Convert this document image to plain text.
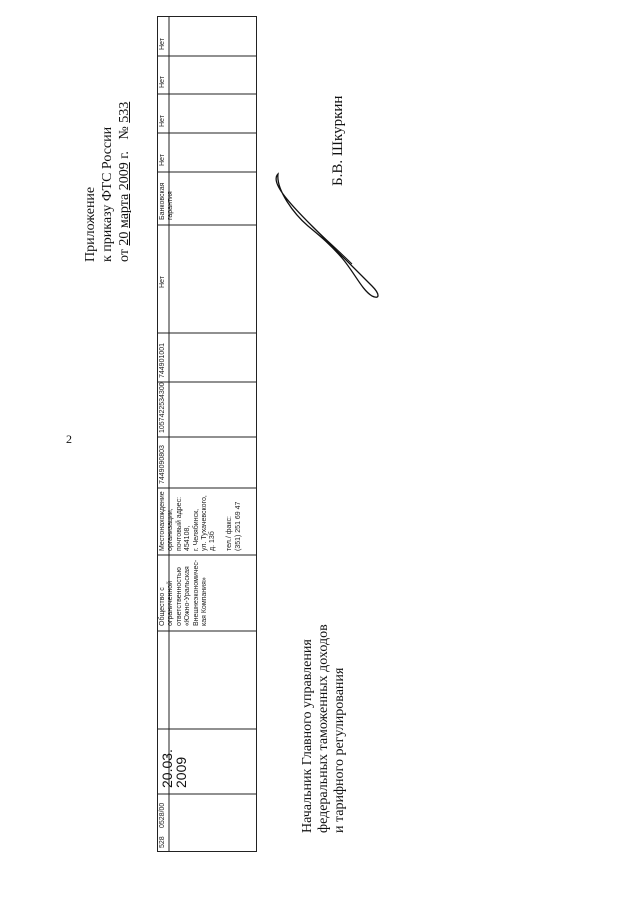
2
Приложение к приказу ФТС России от 20 марта 2009 г. № 533
528
0528/00
20.03.
2009
Общество с ограниченной ответственностью «Южно-Уральская Внешнеэкономичес- кая Компания»
Местонахождение организации, почтовый адрес: 454108, г. Челябинск, ул. Тухачевского, д. 13б
тел./ факс: (351) 251 69 47
7449090803
1057422534300
744901001
Нет
Банковская гарантия
Нет
Нет
Нет
Нет
Начальник Главного управления федеральных таможенных доходов и тарифного регулирования
Б.В. Шкуркин
